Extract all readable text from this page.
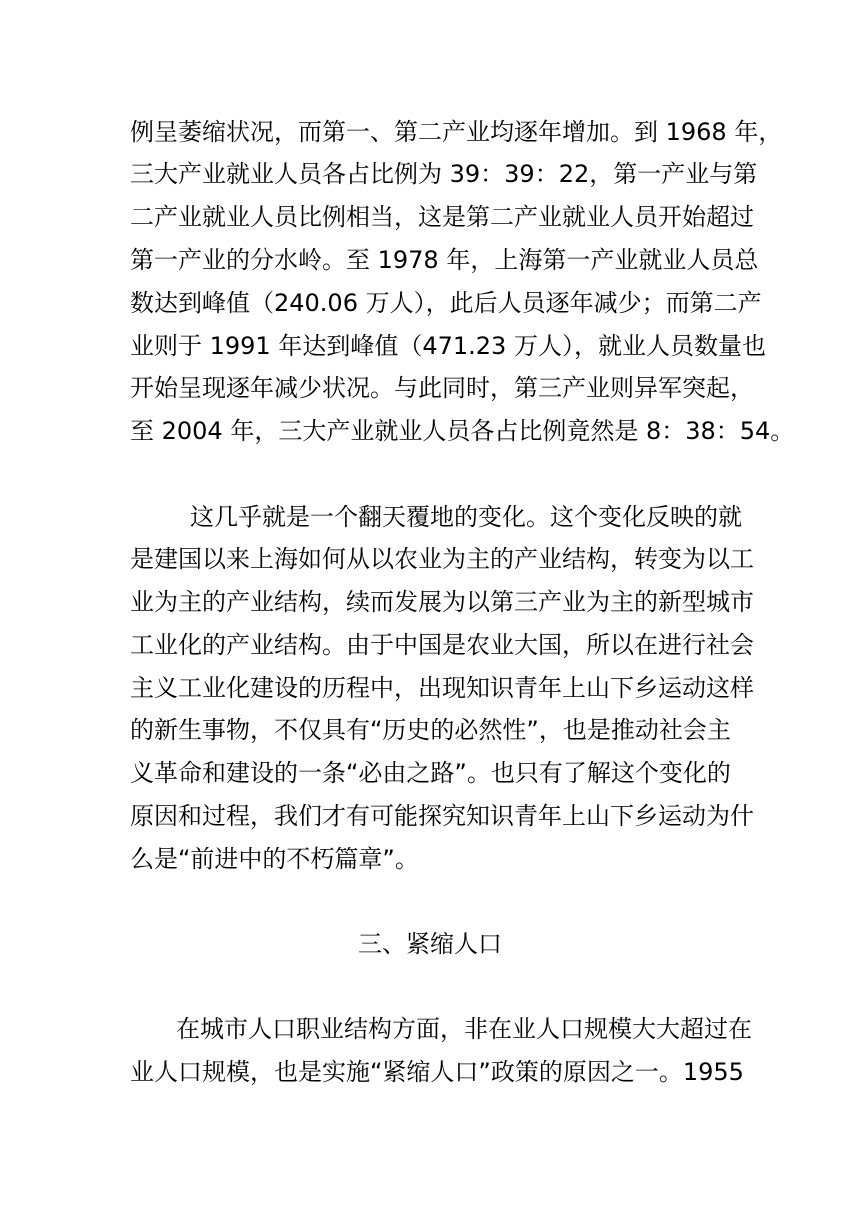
例呈萎缩状况，而第一、第二产业均逐年增加。到 1968 年，
三大产业就业人员各占比例为 39：39：22，第一产业与第
二产业就业人员比例相当，这是第二产业就业人员开始超过
第一产业的分水岭。至 1978 年，上海第一产业就业人员总
数达到峰值（240.06 万人），此后人员逐年减少；而第二产
业则于 1991 年达到峰值（471.23 万人），就业人员数量也
开始呈现逐年减少状况。与此同时，第三产业则异军突起，
至 2004 年，三大产业就业人员各占比例竟然是 8：38：54。
这几乎就是一个翻天覆地的变化。这个变化反映的就
是建国以来上海如何从以农业为主的产业结构，转变为以工
业为主的产业结构，续而发展为以第三产业为主的新型城市
工业化的产业结构。由于中国是农业大国，所以在进行社会
主义工业化建设的历程中，出现知识青年上山下乡运动这样
的新生事物，不仅具有“历史的必然性”，也是推动社会主
义革命和建设的一条“必由之路”。也只有了解这个变化的
原因和过程，我们才有可能探究知识青年上山下乡运动为什
么是“前进中的不朽篇章”。
三、紧缩人口
在城市人口职业结构方面，非在业人口规模大大超过在
业人口规模，也是实施“紧缩人口”政策的原因之一。1955
